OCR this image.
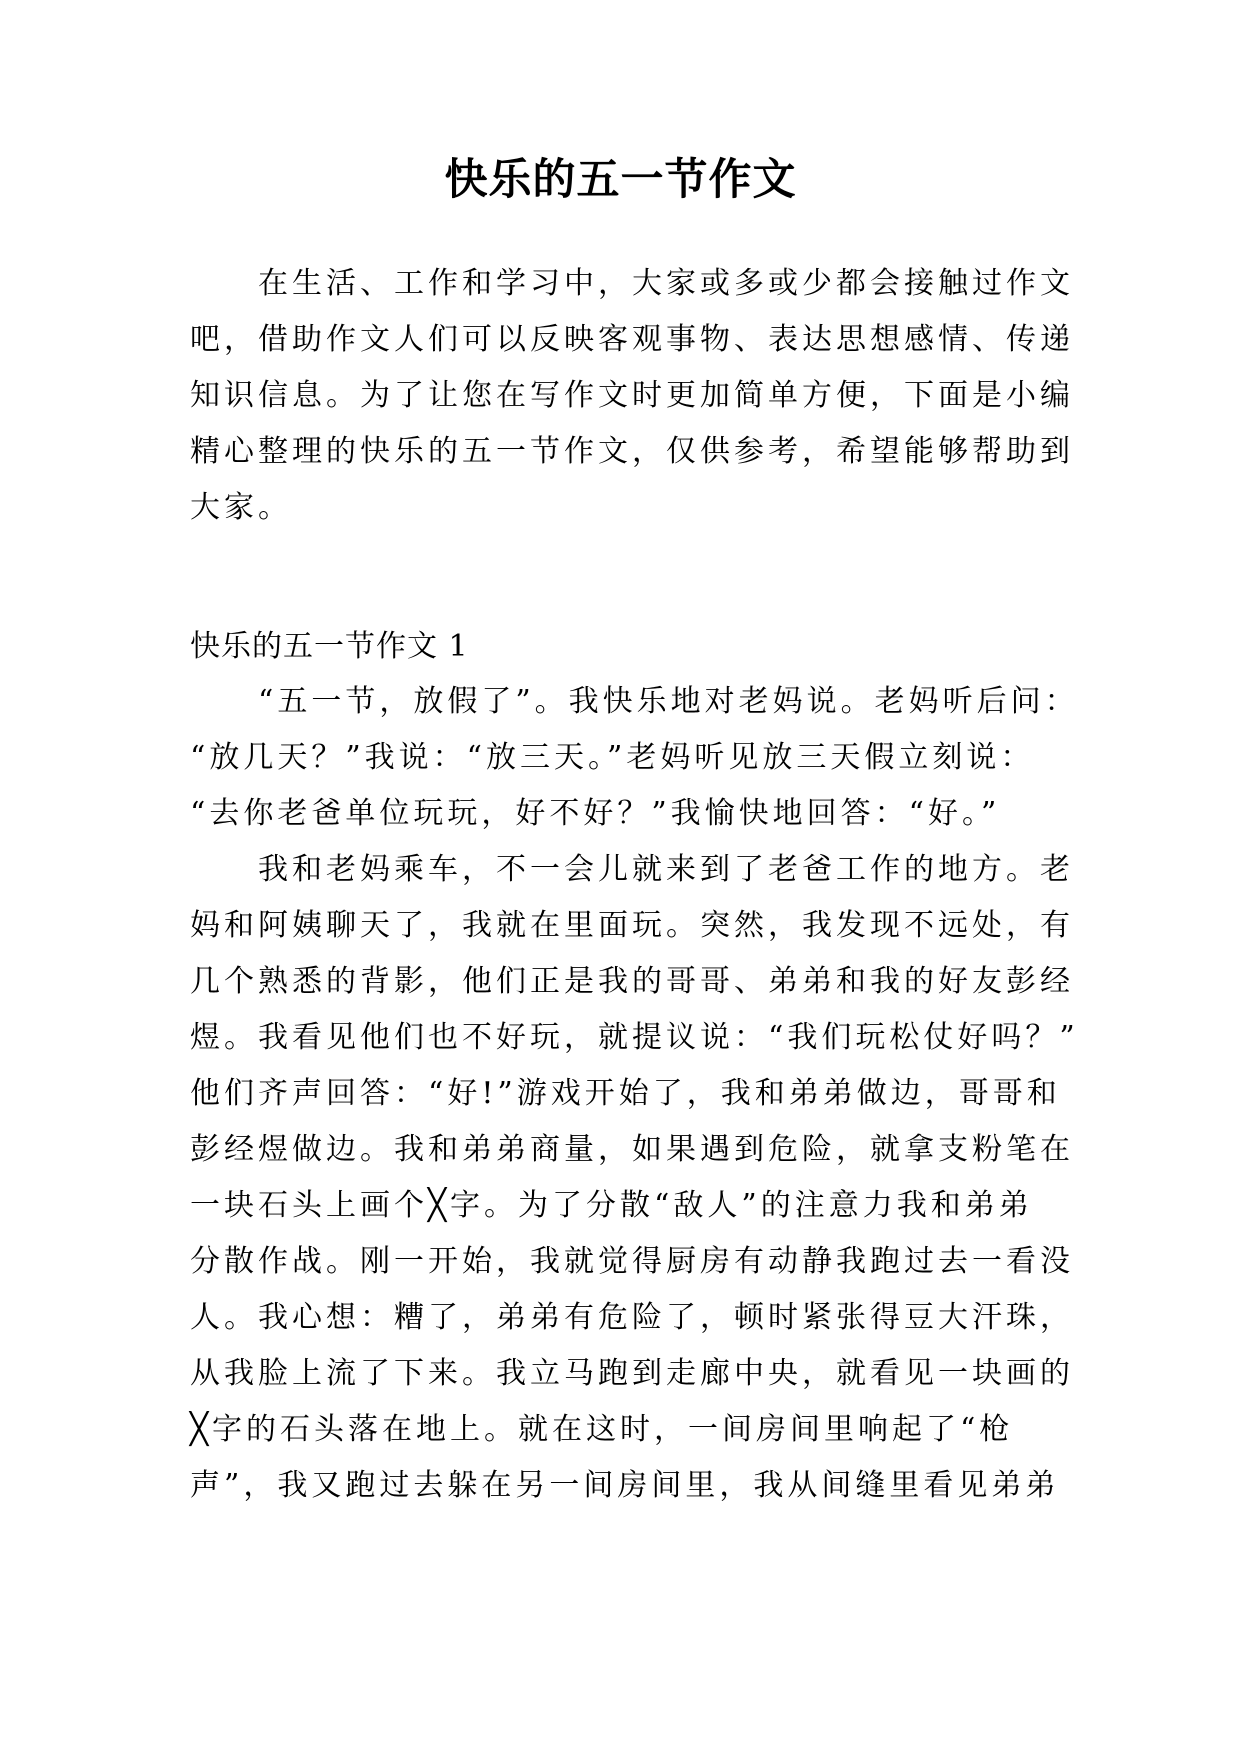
快乐的五一节作文

在生活、工作和学习中，大家或多或少都会接触过作文

吧，借助作文人们可以反映客观事物、表达思想感情、传递

知识信息。为了让您在写作文时更加简单方便，下面是小编

精心整理的快乐的五一节作文，仅供参考，希望能够帮助到

大家。

快乐的五一节作文 1

“五一节，放假了”。我快乐地对老妈说。老妈听后问：

“放几天？”我说：“放三天。”老妈听见放三天假立刻说：

“去你老爸单位玩玩，好不好？”我愉快地回答：“好。”

我和老妈乘车，不一会儿就来到了老爸工作的地方。老

妈和阿姨聊天了，我就在里面玩。突然，我发现不远处，有

几个熟悉的背影，他们正是我的哥哥、弟弟和我的好友彭经

煜。我看见他们也不好玩，就提议说：“我们玩松仗好吗？”

他们齐声回答：“好!”游戏开始了，我和弟弟做边，哥哥和

彭经煜做边。我和弟弟商量，如果遇到危险，就拿支粉笔在

一块石头上画个╳字。为了分散“敌人”的注意力我和弟弟

分散作战。刚一开始，我就觉得厨房有动静我跑过去一看没

人。我心想：糟了，弟弟有危险了，顿时紧张得豆大汗珠，

从我脸上流了下来。我立马跑到走廊中央，就看见一块画的

╳字的石头落在地上。就在这时，一间房间里响起了“枪

声”，我又跑过去躲在另一间房间里，我从间缝里看见弟弟
